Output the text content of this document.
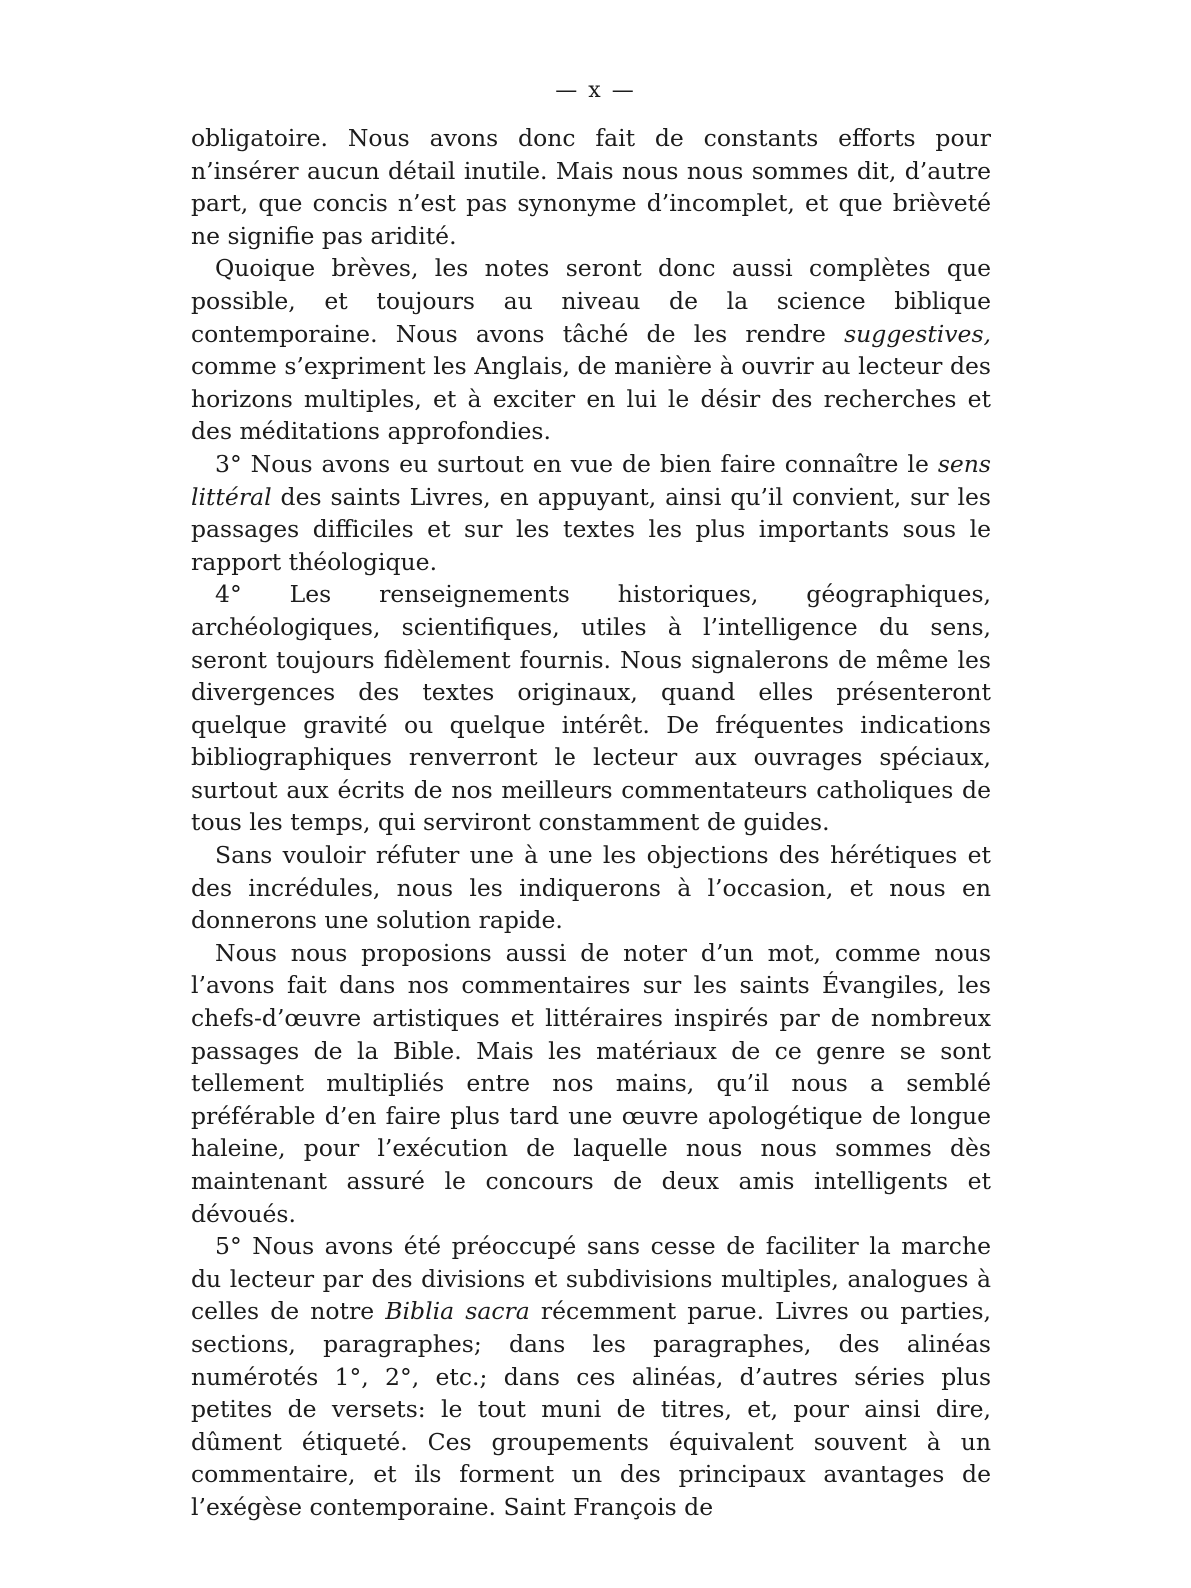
— x —

obligatoire. Nous avons donc fait de constants efforts pour n’insérer aucun détail inutile. Mais nous nous sommes dit, d’autre part, que concis n’est pas synonyme d’incomplet, et que brièveté ne signifie pas aridité.

Quoique brèves, les notes seront donc aussi complètes que possible, et toujours au niveau de la science biblique contemporaine. Nous avons tâché de les rendre suggestives, comme s’expriment les Anglais, de manière à ouvrir au lecteur des horizons multiples, et à exciter en lui le désir des recherches et des méditations approfondies.

3° Nous avons eu surtout en vue de bien faire connaître le sens littéral des saints Livres, en appuyant, ainsi qu’il convient, sur les passages difficiles et sur les textes les plus importants sous le rapport théologique.

4° Les renseignements historiques, géographiques, archéologiques, scientifiques, utiles à l’intelligence du sens, seront toujours fidèlement fournis. Nous signalerons de même les divergences des textes originaux, quand elles présenteront quelque gravité ou quelque intérêt. De fréquentes indications bibliographiques renverront le lecteur aux ouvrages spéciaux, surtout aux écrits de nos meilleurs commentateurs catholiques de tous les temps, qui serviront constamment de guides.

Sans vouloir réfuter une à une les objections des hérétiques et des incrédules, nous les indiquerons à l’occasion, et nous en donnerons une solution rapide.

Nous nous proposions aussi de noter d’un mot, comme nous l’avons fait dans nos commentaires sur les saints Évangiles, les chefs-d’œuvre artistiques et littéraires inspirés par de nombreux passages de la Bible. Mais les matériaux de ce genre se sont tellement multipliés entre nos mains, qu’il nous a semblé préférable d’en faire plus tard une œuvre apologétique de longue haleine, pour l’exécution de laquelle nous nous sommes dès maintenant assuré le concours de deux amis intelligents et dévoués.

5° Nous avons été préoccupé sans cesse de faciliter la marche du lecteur par des divisions et subdivisions multiples, analogues à celles de notre Biblia sacra récemment parue. Livres ou parties, sections, paragraphes; dans les paragraphes, des alinéas numérotés 1°, 2°, etc.; dans ces alinéas, d’autres séries plus petites de versets: le tout muni de titres, et, pour ainsi dire, dûment étiqueté. Ces groupements équivalent souvent à un commentaire, et ils forment un des principaux avantages de l’exégèse contemporaine. Saint François de
